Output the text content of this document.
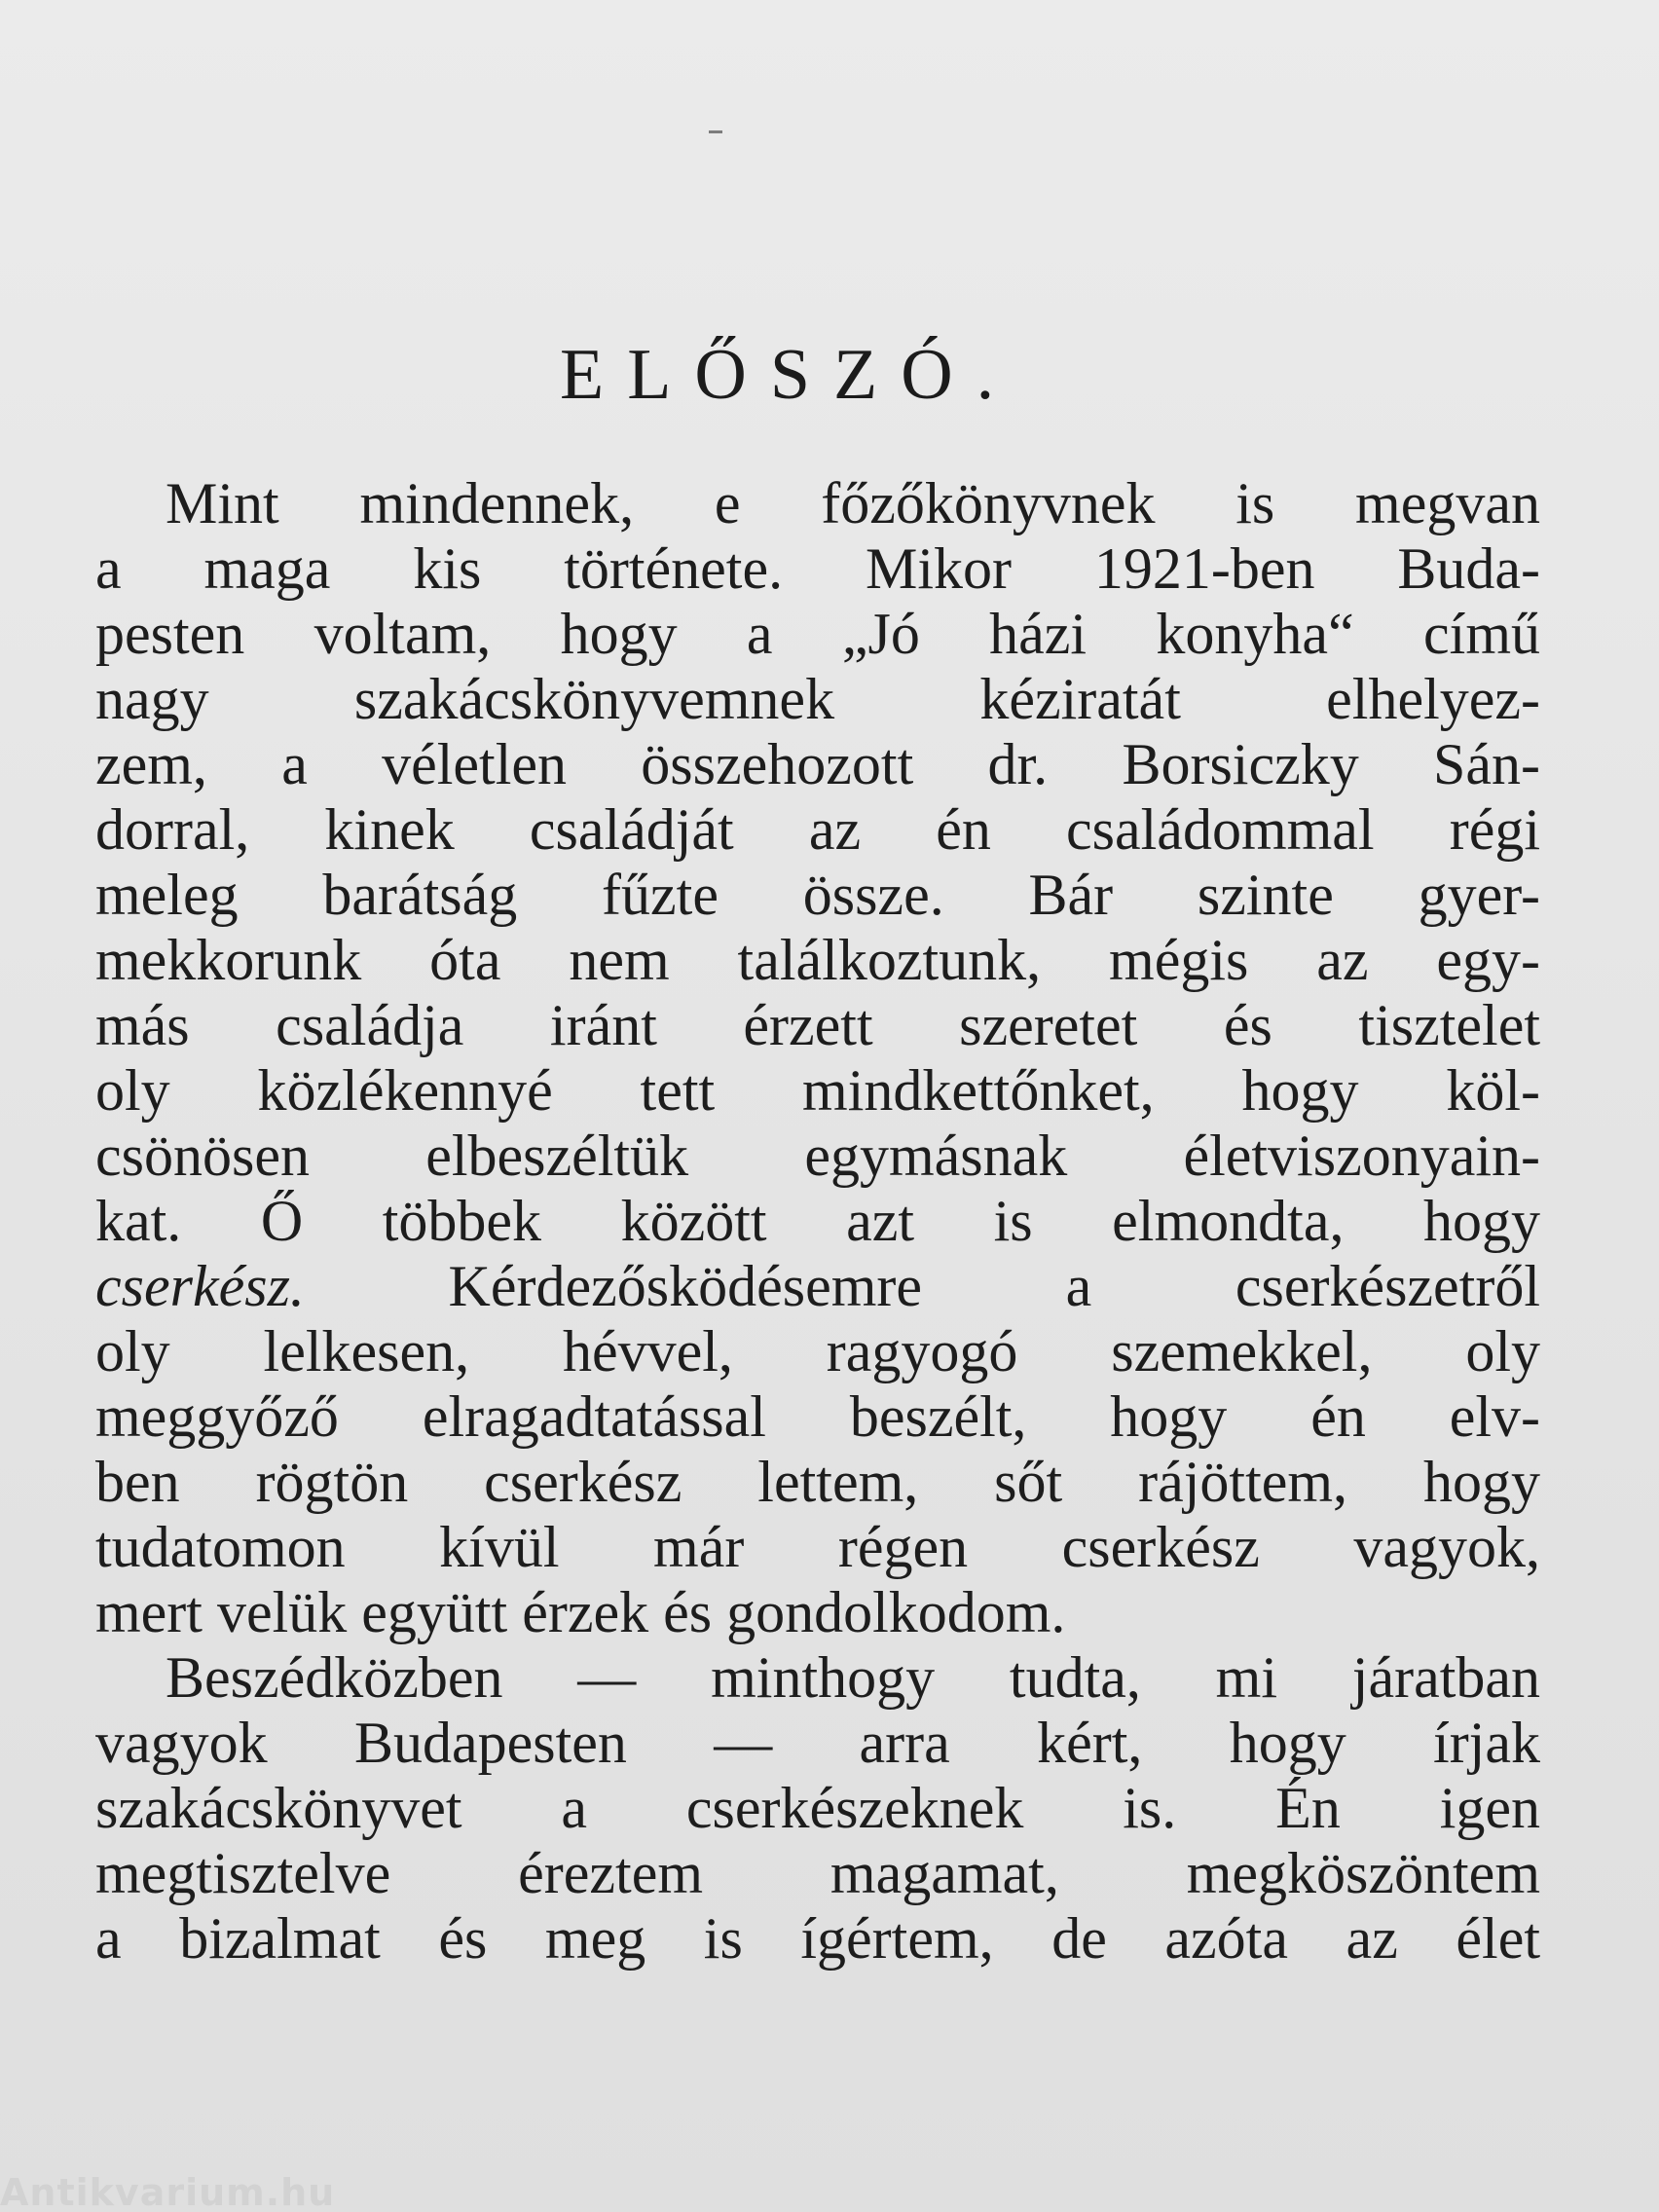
ELŐSZÓ.
Mint mindennek, e főzőkönyvnek is megvan
a maga kis története. Mikor 1921-ben Buda-
pesten voltam, hogy a „Jó házi konyha“ című
nagy szakácskönyvemnek kéziratát elhelyez-
zem, a véletlen összehozott dr. Borsiczky Sán-
dorral, kinek családját az én családommal régi
meleg barátság fűzte össze. Bár szinte gyer-
mekkorunk óta nem találkoztunk, mégis az egy-
más családja iránt érzett szeretet és tisztelet
oly közlékennyé tett mindkettőnket, hogy köl-
csönösen elbeszéltük egymásnak életviszonyain-
kat. Ő többek között azt is elmondta, hogy
cserkész. Kérdezősködésemre a cserkészetről
oly lelkesen, hévvel, ragyogó szemekkel, oly
meggyőző elragadtatással beszélt, hogy én elv-
ben rögtön cserkész lettem, sőt rájöttem, hogy
tudatomon kívül már régen cserkész vagyok,
mert velük együtt érzek és gondolkodom.
Beszédközben — minthogy tudta, mi járatban
vagyok Budapesten — arra kért, hogy írjak
szakácskönyvet a cserkészeknek is. Én igen
megtisztelve éreztem magamat, megköszöntem
a bizalmat és meg is ígértem, de azóta az élet
Antikvarium.hu
